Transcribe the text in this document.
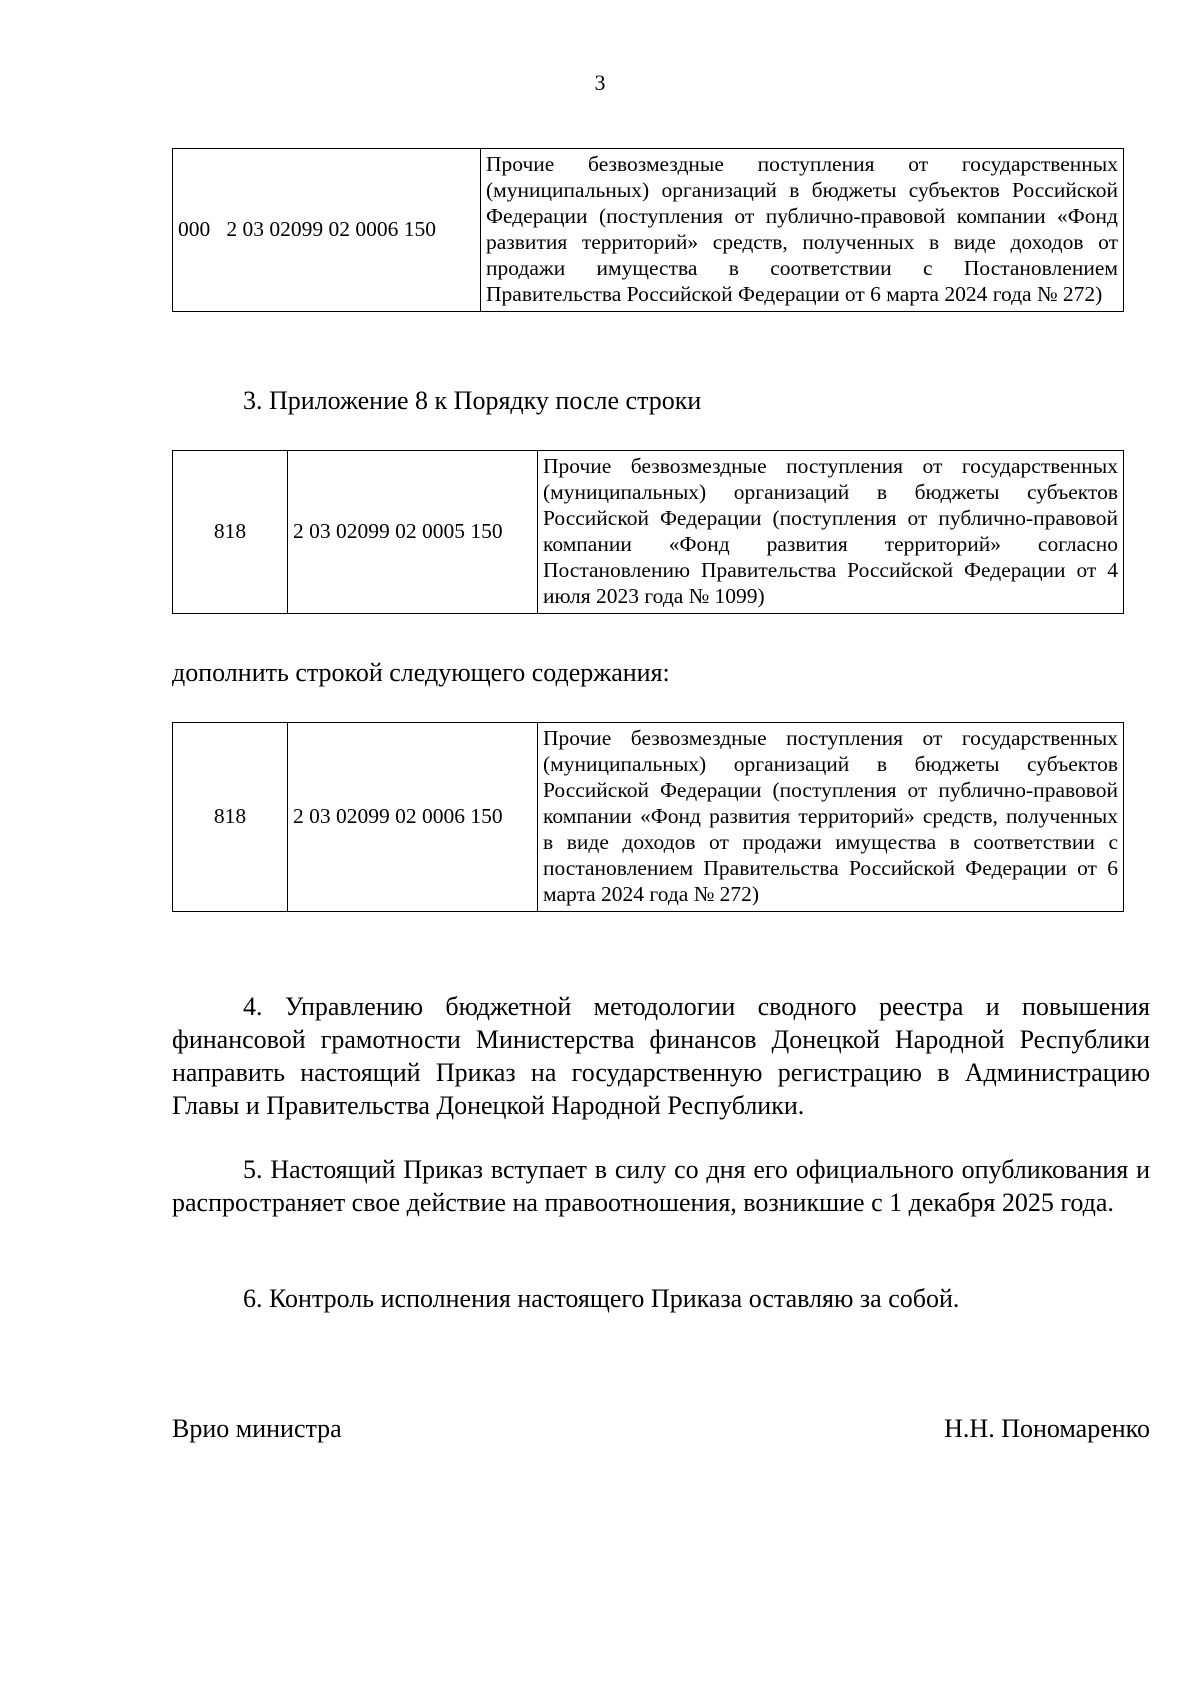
3
000   2 03 02099 02 0006 150	Прочие безвозмездные поступления от государственных (муниципальных) организаций в бюджеты субъектов Российской Федерации (поступления от публично-правовой компании «Фонд развития территорий» средств, полученных в виде доходов от продажи имущества в соответствии с Постановлением Правительства Российской Федерации от 6 марта 2024 года № 272)
3. Приложение 8 к Порядку после строки
818	2 03 02099 02 0005 150	Прочие безвозмездные поступления от государственных (муниципальных) организаций в бюджеты субъектов Российской Федерации (поступления от публично-правовой компании «Фонд развития территорий» согласно Постановлению Правительства Российской Федерации от 4 июля 2023 года № 1099)
дополнить строкой следующего содержания:
818	2 03 02099 02 0006 150	Прочие безвозмездные поступления от государственных (муниципальных) организаций в бюджеты субъектов Российской Федерации (поступления от публично-правовой компании «Фонд развития территорий» средств, полученных в виде доходов от продажи имущества в соответствии с постановлением Правительства Российской Федерации от 6 марта 2024 года № 272)
4. Управлению бюджетной методологии сводного реестра и повышения финансовой грамотности Министерства финансов Донецкой Народной Республики направить настоящий Приказ на государственную регистрацию в Администрацию Главы и Правительства Донецкой Народной Республики.
5. Настоящий Приказ вступает в силу со дня его официального опубликования и распространяет свое действие на правоотношения, возникшие с 1 декабря 2025 года.
6. Контроль исполнения настоящего Приказа оставляю за собой.
Врио министра	Н.Н. Пономаренко
